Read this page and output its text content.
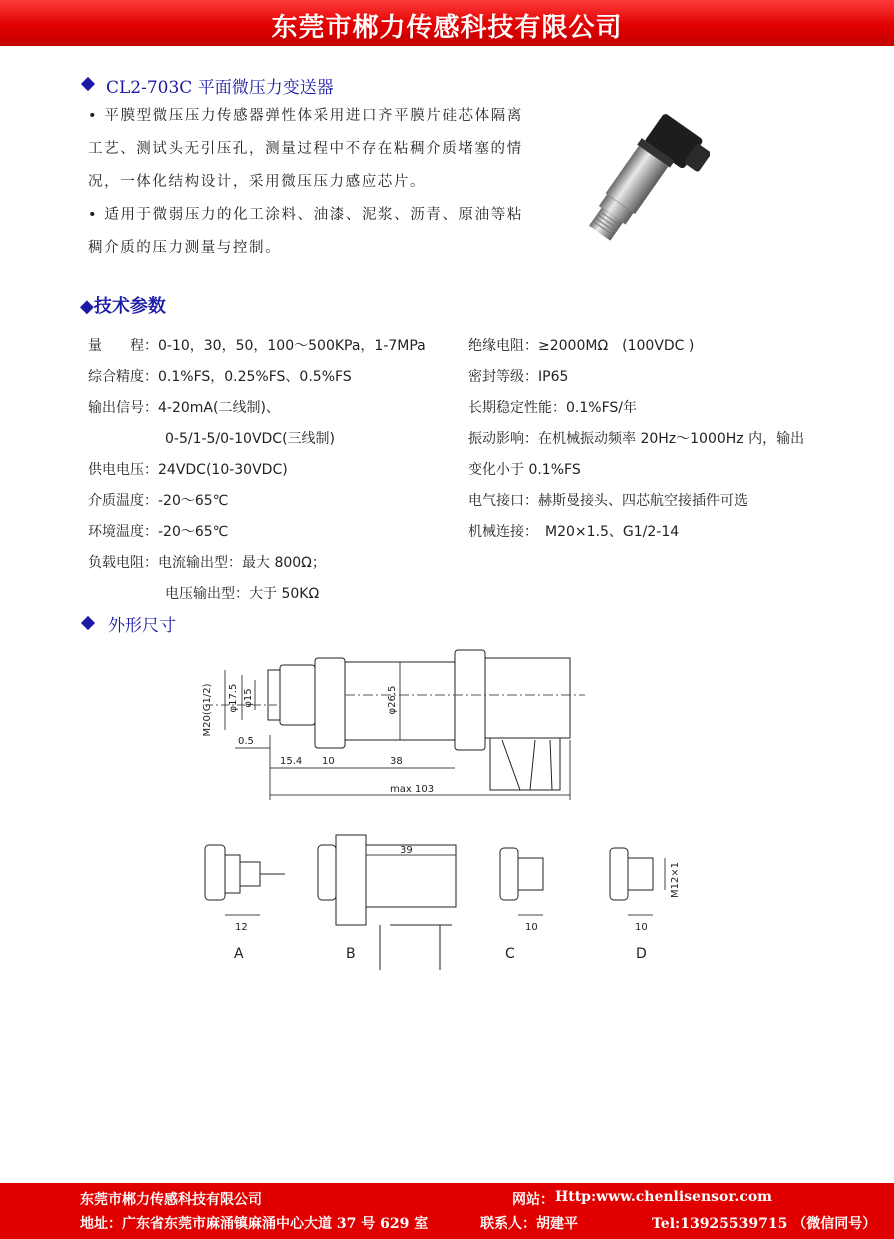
东莞市郴力传感科技有限公司
CL2-703C 平面微压力变送器

• 平膜型微压压力传感器弹性体采用进口齐平膜片硅芯体隔离工艺、测试头无引压孔，测量过程中不存在粘稠介质堵塞的情况，一体化结构设计，采用微压压力感应芯片。

• 适用于微弱压力的化工涂料、油漆、泥浆、沥青、原油等粘稠介质的压力测量与控制。

◆技术参数
量　　程：0-10，30，50，100～500KPa，1-7MPa
综合精度：0.1%FS，0.25%FS、0.5%FS
输出信号：4-20mA(二线制)、
0-5/1-5/0-10VDC(三线制)
供电电压：24VDC(10-30VDC)
介质温度：-20～65℃
环境温度：-20～65℃
负载电阻：电流输出型：最大 800Ω；
电压输出型：大于 50KΩ
绝缘电阻：≥2000MΩ　(100VDC )
密封等级：IP65
长期稳定性能：0.1%FS/年
振动影响：在机械振动频率 20Hz～1000Hz 内，输出
变化小于 0.1%FS
电气接口：赫斯曼接头、四芯航空接插件可选
机械连接：　M20×1.5、G1/2-14
外形尺寸
M20(G1/2) φ17.5 φ15	φ26.5
0.5
15.4 10	38
max 103
39
12	10	10
M12×1
A	B	C	D
东莞市郴力传感科技有限公司	网站： Http:www.chenlisensor.com
地址：广东省东莞市麻涌镇麻涌中心大道 37 号 629 室	联系人：胡建平	Tel:13925539715 （微信同号）
